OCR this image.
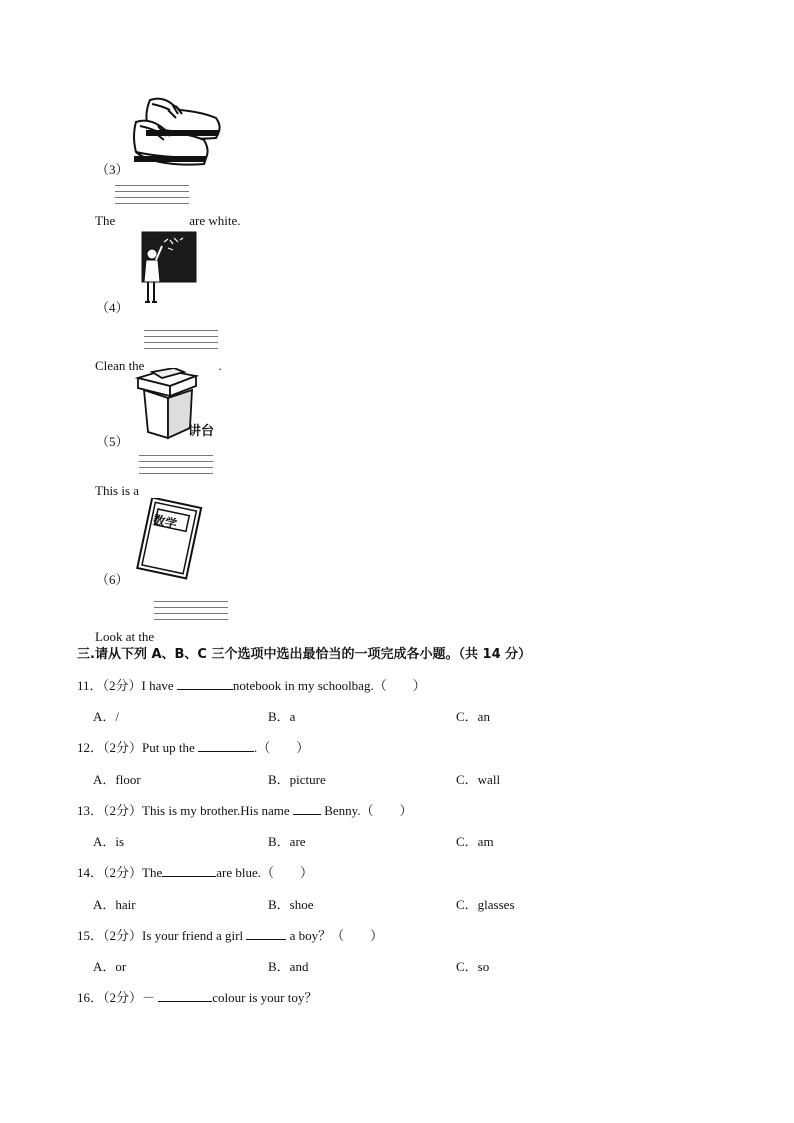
（3）
The	are white.
（4）
Clean the	.
讲台
（5）
This is a
数学
（6）
Look at the
三.请从下列 A、B、C 三个选项中选出最恰当的一项完成各小题。（共 14 分）
11．（2分）I have	notebook in my schoolbag.（　　）
A．/	B．a	C．an
12．（2分）Put up the	.（　　）
A．floor	B．picture	C．wall
13．（2分）This is my brother.His name  Benny.（　　）
A．is	B．are	C．am
14．（2分）The	are blue.（　　）
A．hair	B．shoe	C．glasses
15．（2分）Is your friend a girl	a boy？（　　）
A．or	B．and	C．so
16．（2分）－	colour is your toy？
